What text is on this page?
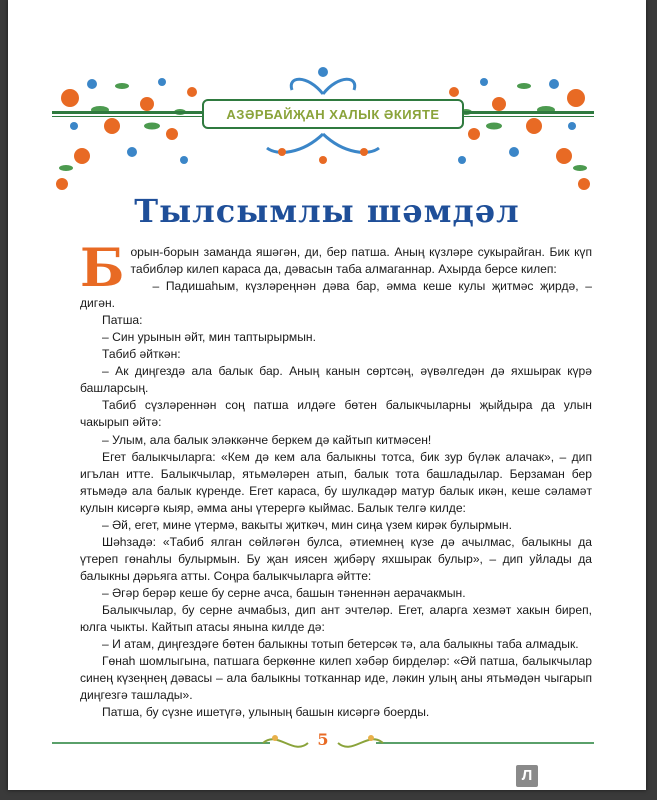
АЗӘРБАЙҖАН ХАЛЫК ӘКИЯТЕ
Тылсымлы шәмдәл

Борын-борын заманда яшәгән, ди, бер патша. Аның күзләре сукырайган. Бик күп табибләр килеп караса да, дәвасын таба алмаганнар. Ахырда берсе килеп:

– Падишаһым, күзләреңнән дәва бар, әмма кеше кулы җитмәс җирдә, – дигән.

Патша:

– Син урынын әйт, мин таптырырмын.

Табиб әйткән:

– Ак диңгездә ала балык бар. Аның канын сөртсәң, әүвәлгедән дә яхшырак күрә башларсың.

Табиб сүзләреннән соң патша илдәге бөтен балыкчыларны җыйдыра да улын чакырып әйтә:

– Улым, ала балык эләккәнче беркем дә кайтып китмәсен!

Егет балыкчыларга: «Кем дә кем ала балыкны тотса, бик зур бүләк алачак», – дип игълан итте. Балыкчылар, ятьмәләрен атып, балык тота башладылар. Берзаман бер ятьмәдә ала балык күренде. Егет караса, бу шулкадәр матур балык икән, кеше сәламәт кулын кисәргә кыяр, әмма аны үтерергә кыймас. Балык телгә килде:

– Әй, егет, мине үтермә, вакыты җиткәч, мин сиңа үзем кирәк булырмын.

Шәһзадә: «Табиб ялган сөйләгән булса, әтиемнең күзе дә ачылмас, балыкны да үтереп гөнаһлы булырмын. Бу җан иясен җибәрү яхшырак булыр», – дип уйлады да балыкны дәрьяга атты. Соңра балыкчыларга әйтте:

– Әгәр берәр кеше бу серне ачса, башын тәненнән аерачакмын.

Балыкчылар, бу серне ачмабыз, дип ант эчтеләр. Егет, аларга хезмәт хакын биреп, юлга чыкты. Кайтып атасы янына килде дә:

– И атам, диңгездәге бөтен балыкны тотып бетерсәк тә, ала балыкны таба алмадык.

Гөнаһ шомлыгына, патшага беркөнне килеп хәбәр бирделәр: «Әй патша, балыкчылар синең күзеңнең дәвасы – ала балыкны тотканнар иде, ләкин улың аны ятьмәдән чыгарып диңгезгә ташлады».

Патша, бу сүзне ишетүгә, улының башын кисәргә боерды.

5
Л
